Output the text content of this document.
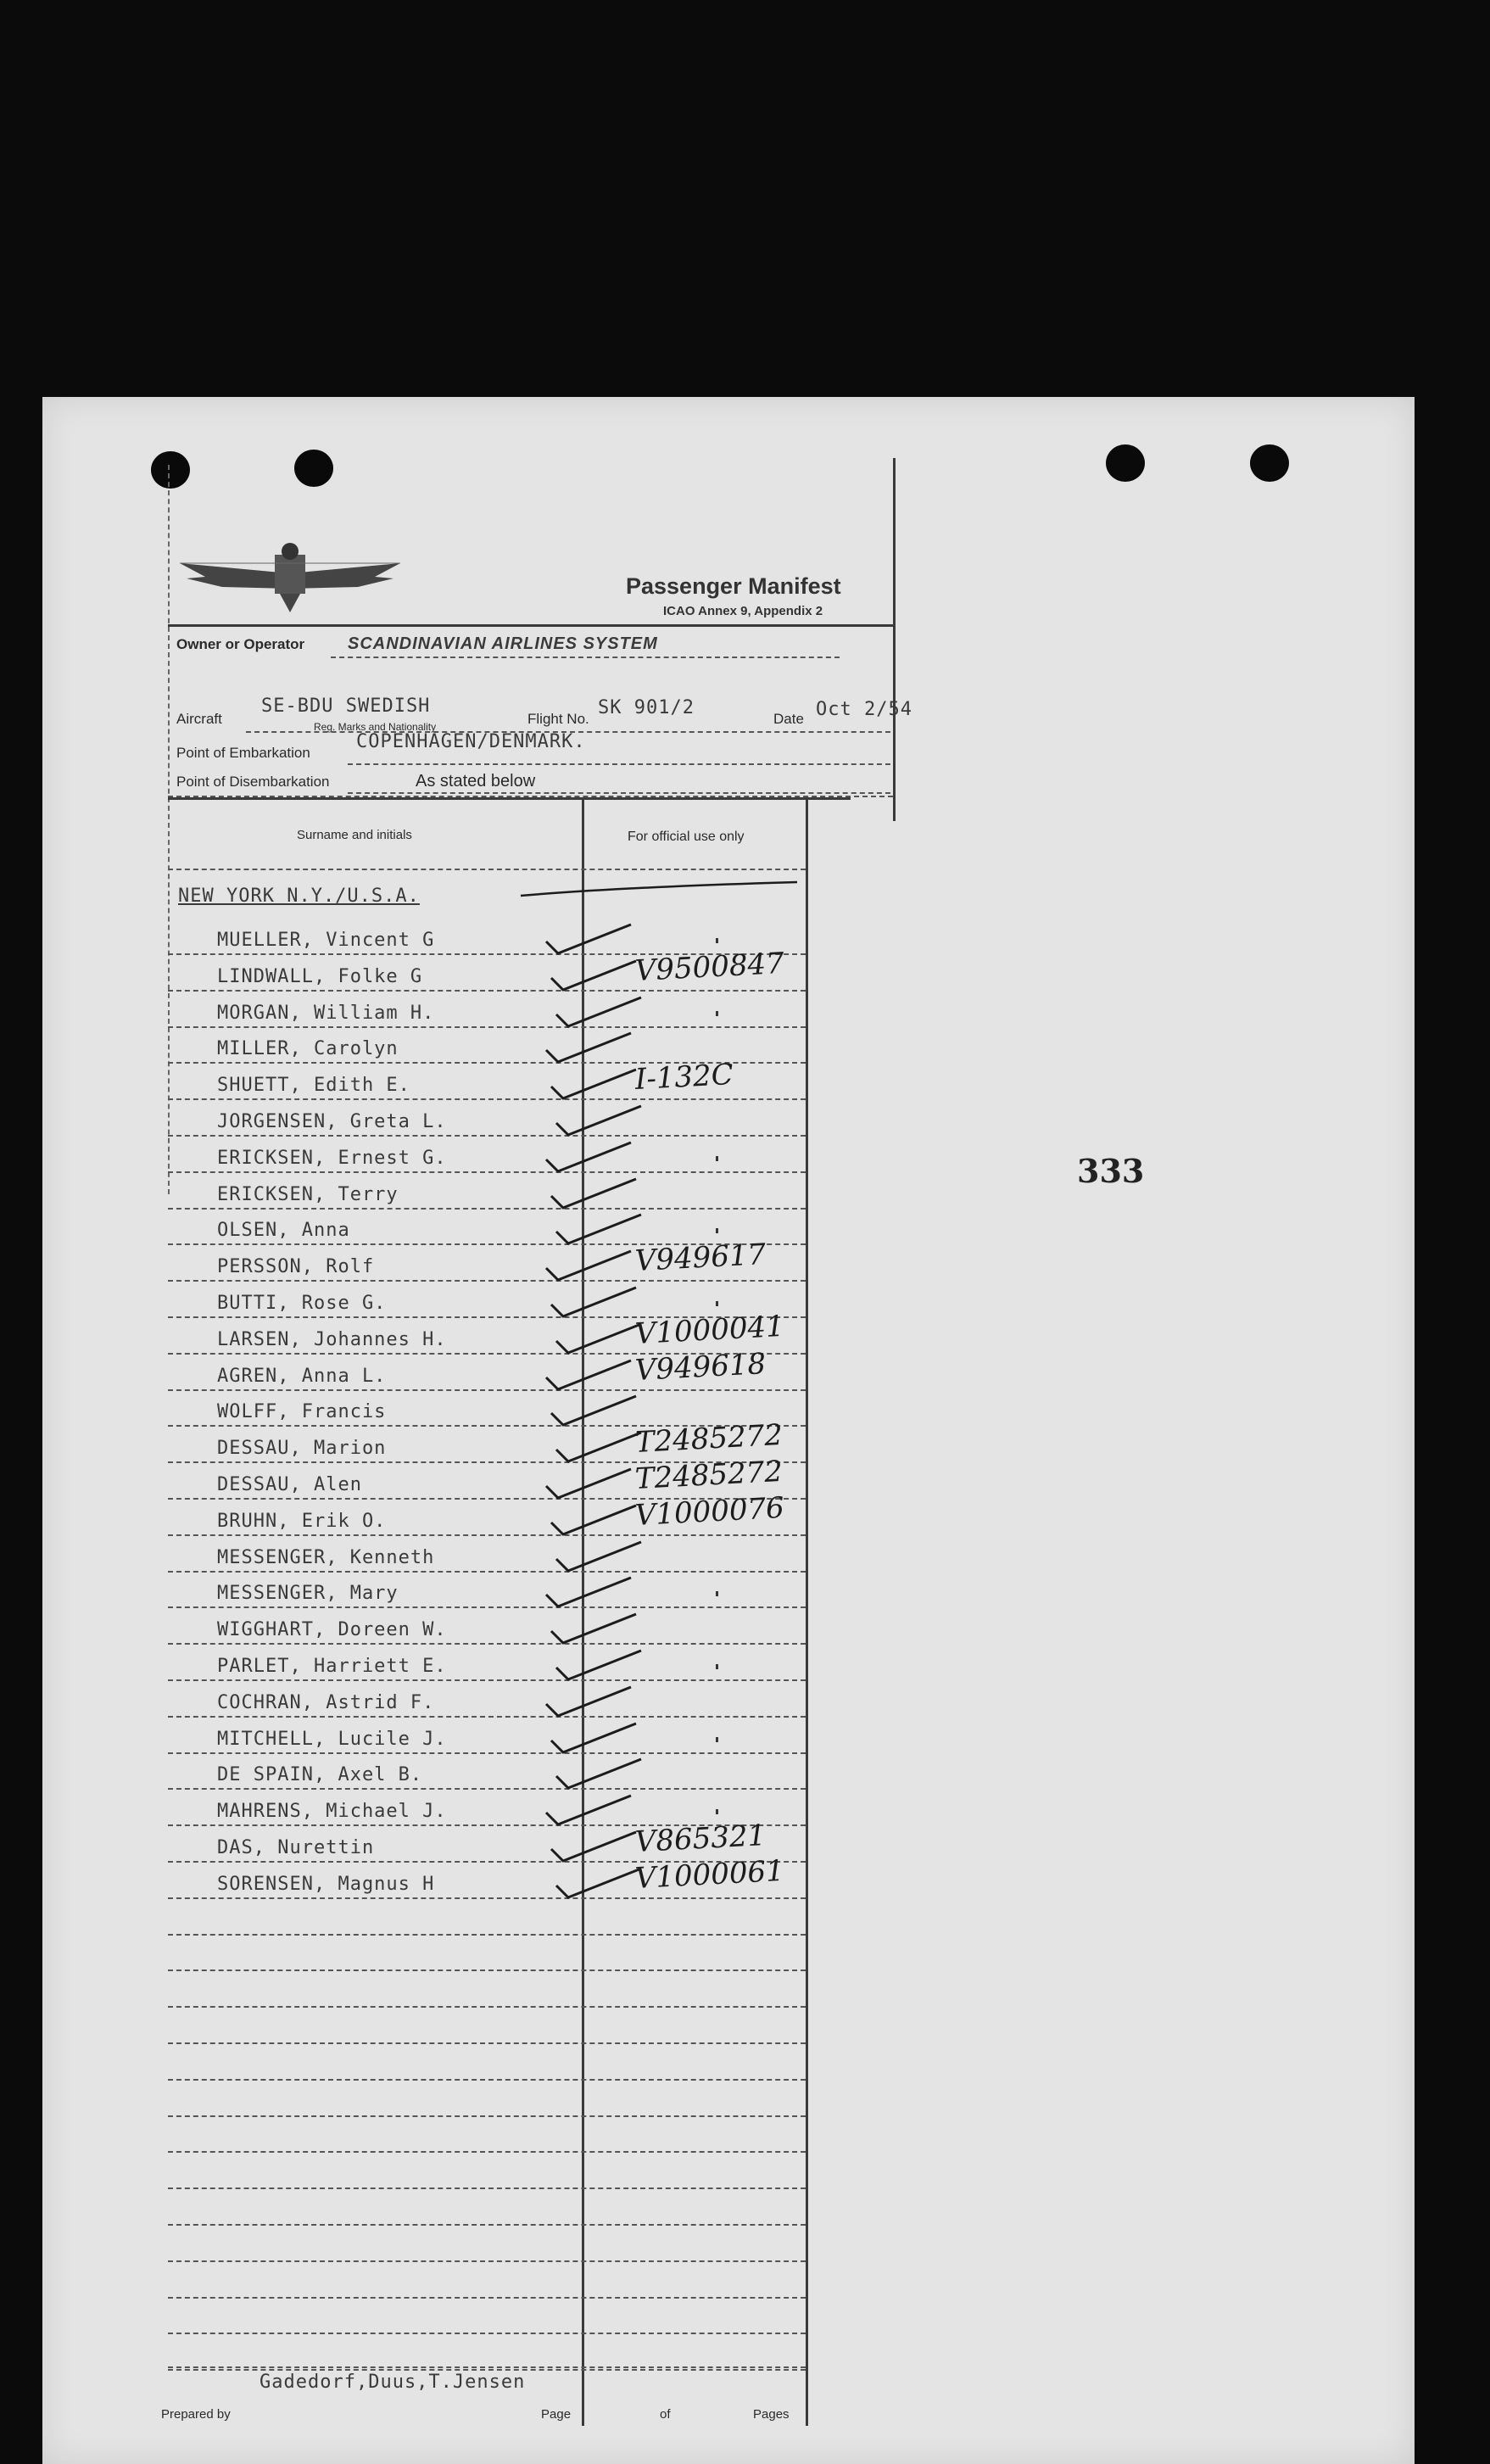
Passenger Manifest
ICAO Annex 9, Appendix 2
Owner or Operator	SCANDINAVIAN AIRLINES SYSTEM
Aircraft
SE-BDU SWEDISH
Reg. Marks and Nationality	Flight No.
SK 901/2
Date Oct 2/54
Point of Embarkation
COPENHAGEN/DENMARK.
Point of Disembarkation	As stated below
Surname and initials	For official use only
MUELLER, Vincent G
LINDWALL, Folke G	V9500847
MORGAN, William H.
MILLER, Carolyn
SHUETT, Edith E.	I-132C
JORGENSEN, Greta L.
ERICKSEN, Ernest G.
ERICKSEN, Terry
OLSEN, Anna
PERSSON, Rolf	V949617
BUTTI, Rose G.
LARSEN, Johannes H.	V1000041
AGREN, Anna L.	V949618
WOLFF, Francis
DESSAU, Marion	T2485272
DESSAU, Alen	T2485272
BRUHN, Erik O.	V1000076
MESSENGER, Kenneth
MESSENGER, Mary
WIGGHART, Doreen W.
PARLET, Harriett E.
COCHRAN, Astrid F.
MITCHELL, Lucile J.
DE SPAIN, Axel B.
MAHRENS, Michael J.
DAS, Nurettin	V865321
SORENSEN, Magnus H	V1000061
NEW YORK N.Y./U.S.A.
333
Gadedorf,Duus,T.Jensen
Prepared by	Page	of	Pages
